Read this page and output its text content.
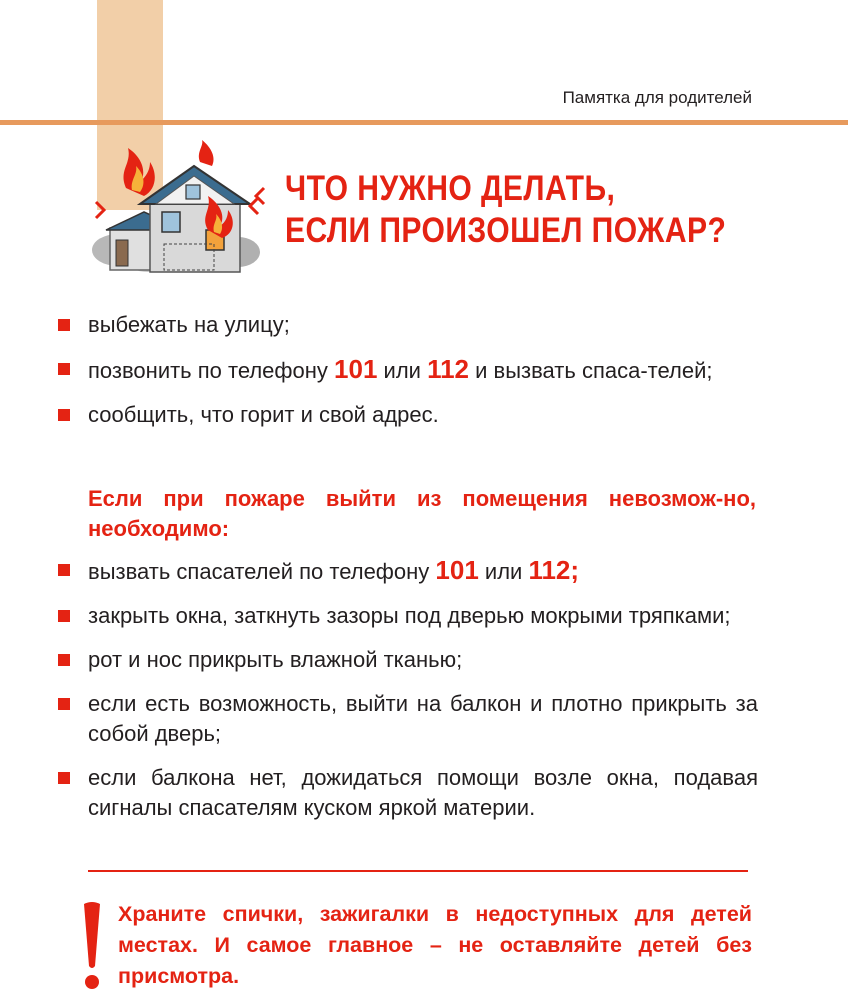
Памятка для родителей
ЧТО НУЖНО ДЕЛАТЬ,
ЕСЛИ ПРОИЗОШЕЛ ПОЖАР?
выбежать на улицу;
позвонить по телефону 101 или 112 и вызвать спаса-телей;
сообщить, что горит и свой адрес.
Если при пожаре выйти из помещения невозмож-но, необходимо:
вызвать спасателей по телефону 101 или 112;
закрыть окна, заткнуть зазоры под дверью мокрыми тряпками;
рот и нос прикрыть влажной тканью;
если есть возможность, выйти на балкон и плотно прикрыть за собой дверь;
если балкона нет, дожидаться помощи возле окна, подавая сигналы спасателям куском яркой материи.
Храните спички, зажигалки в недоступных для детей местах. И самое главное – не оставляйте детей без присмотра.
